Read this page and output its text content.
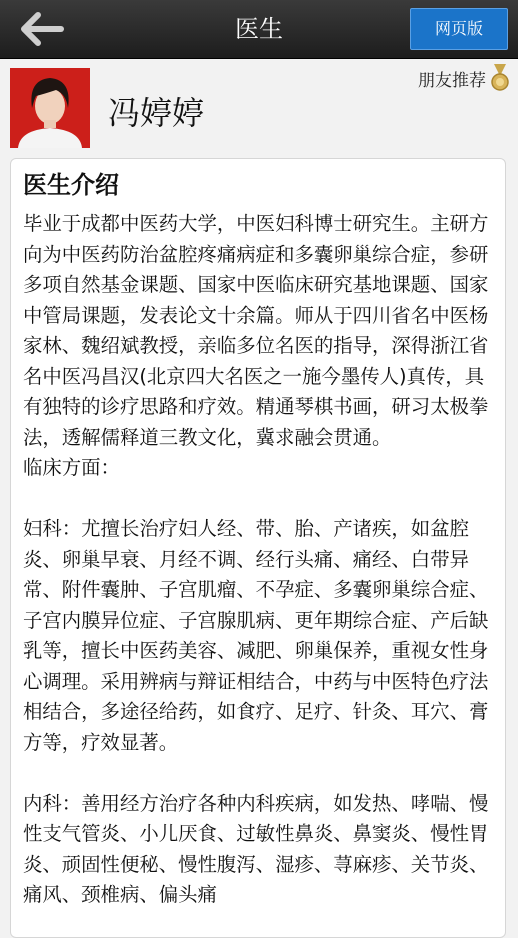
医生	网页版
冯婷婷
朋友推荐
医生介绍
毕业于成都中医药大学，中医妇科博士研究生。主研方向为中医药防治盆腔疼痛病症和多囊卵巢综合症，参研多项自然基金课题、国家中医临床研究基地课题、国家中管局课题，发表论文十余篇。师从于四川省名中医杨家林、魏绍斌教授，亲临多位名医的指导，深得浙江省名中医冯昌汉(北京四大名医之一施今墨传人)真传，具有独特的诊疗思路和疗效。精通琴棋书画，研习太极拳法，透解儒释道三教文化，冀求融会贯通。
临床方面：

妇科：尤擅长治疗妇人经、带、胎、产诸疾，如盆腔炎、卵巢早衰、月经不调、经行头痛、痛经、白带异常、附件囊肿、子宫肌瘤、不孕症、多囊卵巢综合症、子宫内膜异位症、子宫腺肌病、更年期综合症、产后缺乳等，擅长中医药美容、减肥、卵巢保养，重视女性身心调理。采用辨病与辩证相结合，中药与中医特色疗法相结合，多途径给药，如食疗、足疗、针灸、耳穴、膏方等，疗效显著。

内科：善用经方治疗各种内科疾病，如发热、哮喘、慢性支气管炎、小儿厌食、过敏性鼻炎、鼻窦炎、慢性胃炎、顽固性便秘、慢性腹泻、湿疹、荨麻疹、关节炎、痛风、颈椎病、偏头痛
